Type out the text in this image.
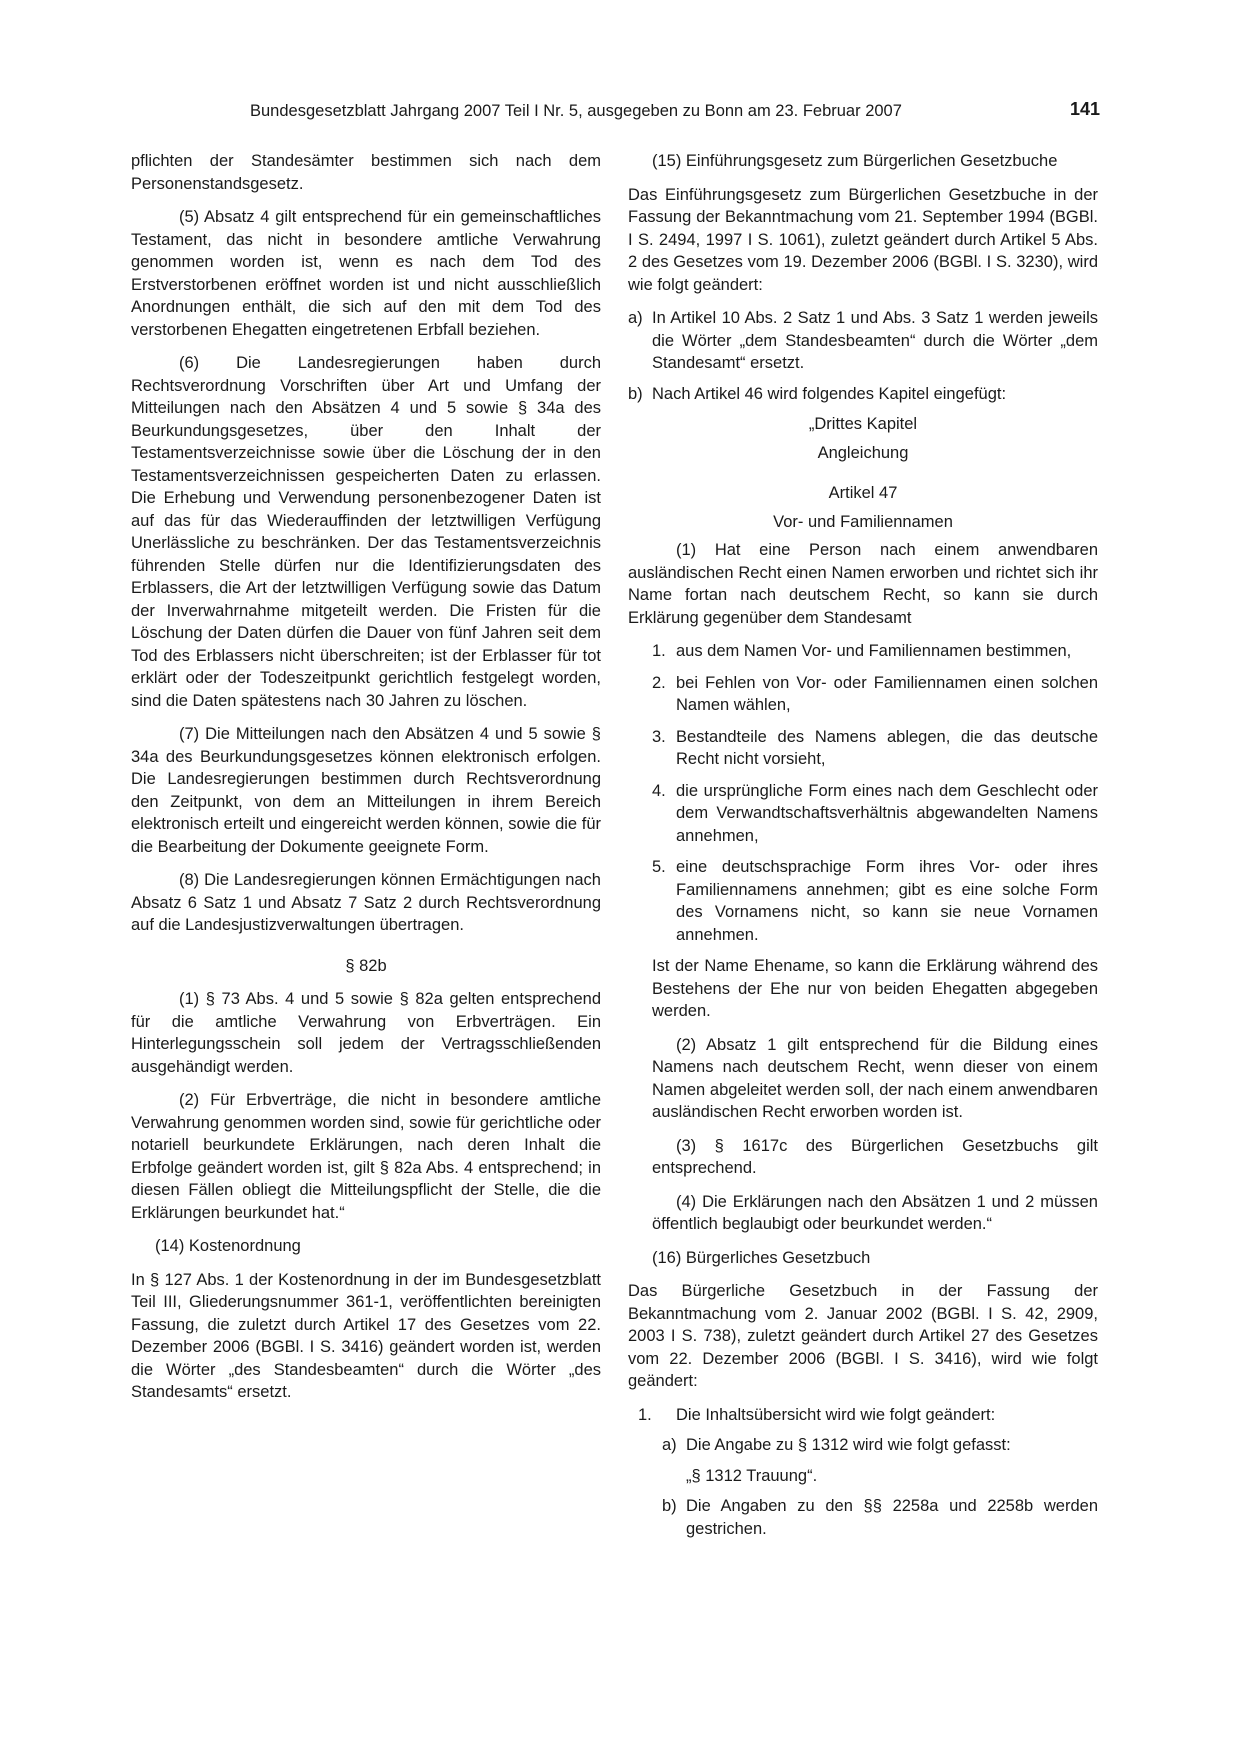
Bundesgesetzblatt Jahrgang 2007 Teil I Nr. 5, ausgegeben zu Bonn am 23. Februar 2007	141

pflichten der Standesämter bestimmen sich nach dem Personenstandsgesetz.

(5) Absatz 4 gilt entsprechend für ein gemeinschaftliches Testament, das nicht in besondere amtliche Verwahrung genommen worden ist, wenn es nach dem Tod des Erstverstorbenen eröffnet worden ist und nicht ausschließlich Anordnungen enthält, die sich auf den mit dem Tod des verstorbenen Ehegatten eingetretenen Erbfall beziehen.

(6) Die Landesregierungen haben durch Rechtsverordnung Vorschriften über Art und Umfang der Mitteilungen nach den Absätzen 4 und 5 sowie § 34a des Beurkundungsgesetzes, über den Inhalt der Testamentsverzeichnisse sowie über die Löschung der in den Testamentsverzeichnissen gespeicherten Daten zu erlassen. Die Erhebung und Verwendung personenbezogener Daten ist auf das für das Wiederauffinden der letztwilligen Verfügung Unerlässliche zu beschränken. Der das Testamentsverzeichnis führenden Stelle dürfen nur die Identifizierungsdaten des Erblassers, die Art der letztwilligen Verfügung sowie das Datum der Inverwahrnahme mitgeteilt werden. Die Fristen für die Löschung der Daten dürfen die Dauer von fünf Jahren seit dem Tod des Erblassers nicht überschreiten; ist der Erblasser für tot erklärt oder der Todeszeitpunkt gerichtlich festgelegt worden, sind die Daten spätestens nach 30 Jahren zu löschen.

(7) Die Mitteilungen nach den Absätzen 4 und 5 sowie § 34a des Beurkundungsgesetzes können elektronisch erfolgen. Die Landesregierungen bestimmen durch Rechtsverordnung den Zeitpunkt, von dem an Mitteilungen in ihrem Bereich elektronisch erteilt und eingereicht werden können, sowie die für die Bearbeitung der Dokumente geeignete Form.

(8) Die Landesregierungen können Ermächtigungen nach Absatz 6 Satz 1 und Absatz 7 Satz 2 durch Rechtsverordnung auf die Landesjustizverwaltungen übertragen.

§ 82b

(1) § 73 Abs. 4 und 5 sowie § 82a gelten entsprechend für die amtliche Verwahrung von Erbverträgen. Ein Hinterlegungsschein soll jedem der Vertragsschließenden ausgehändigt werden.

(2) Für Erbverträge, die nicht in besondere amtliche Verwahrung genommen worden sind, sowie für gerichtliche oder notariell beurkundete Erklärungen, nach deren Inhalt die Erbfolge geändert worden ist, gilt § 82a Abs. 4 entsprechend; in diesen Fällen obliegt die Mitteilungspflicht der Stelle, die die Erklärungen beurkundet hat.“

(14) Kostenordnung

In § 127 Abs. 1 der Kostenordnung in der im Bundesgesetzblatt Teil III, Gliederungsnummer 361-1, veröffentlichten bereinigten Fassung, die zuletzt durch Artikel 17 des Gesetzes vom 22. Dezember 2006 (BGBl. I S. 3416) geändert worden ist, werden die Wörter „des Standesbeamten“ durch die Wörter „des Standesamts“ ersetzt.

(15) Einführungsgesetz zum Bürgerlichen Gesetzbuche

Das Einführungsgesetz zum Bürgerlichen Gesetzbuche in der Fassung der Bekanntmachung vom 21. September 1994 (BGBl. I S. 2494, 1997 I S. 1061), zuletzt geändert durch Artikel 5 Abs. 2 des Gesetzes vom 19. Dezember 2006 (BGBl. I S. 3230), wird wie folgt geändert:

a) In Artikel 10 Abs. 2 Satz 1 und Abs. 3 Satz 1 werden jeweils die Wörter „dem Standesbeamten“ durch die Wörter „dem Standesamt“ ersetzt.
b) Nach Artikel 46 wird folgendes Kapitel eingefügt:

„Drittes Kapitel

Angleichung

Artikel 47

Vor- und Familiennamen

(1) Hat eine Person nach einem anwendbaren ausländischen Recht einen Namen erworben und richtet sich ihr Name fortan nach deutschem Recht, so kann sie durch Erklärung gegenüber dem Standesamt

1. aus dem Namen Vor- und Familiennamen bestimmen,
2. bei Fehlen von Vor- oder Familiennamen einen solchen Namen wählen,
3. Bestandteile des Namens ablegen, die das deutsche Recht nicht vorsieht,
4. die ursprüngliche Form eines nach dem Geschlecht oder dem Verwandtschaftsverhältnis abgewandelten Namens annehmen,
5. eine deutschsprachige Form ihres Vor- oder ihres Familiennamens annehmen; gibt es eine solche Form des Vornamens nicht, so kann sie neue Vornamen annehmen.

Ist der Name Ehename, so kann die Erklärung während des Bestehens der Ehe nur von beiden Ehegatten abgegeben werden.

(2) Absatz 1 gilt entsprechend für die Bildung eines Namens nach deutschem Recht, wenn dieser von einem Namen abgeleitet werden soll, der nach einem anwendbaren ausländischen Recht erworben worden ist.

(3) § 1617c des Bürgerlichen Gesetzbuchs gilt entsprechend.

(4) Die Erklärungen nach den Absätzen 1 und 2 müssen öffentlich beglaubigt oder beurkundet werden.“

(16) Bürgerliches Gesetzbuch

Das Bürgerliche Gesetzbuch in der Fassung der Bekanntmachung vom 2. Januar 2002 (BGBl. I S. 42, 2909, 2003 I S. 738), zuletzt geändert durch Artikel 27 des Gesetzes vom 22. Dezember 2006 (BGBl. I S. 3416), wird wie folgt geändert:

1. Die Inhaltsübersicht wird wie folgt geändert:
a) Die Angabe zu § 1312 wird wie folgt gefasst:

„§ 1312 Trauung“.

b) Die Angaben zu den §§ 2258a und 2258b werden gestrichen.
